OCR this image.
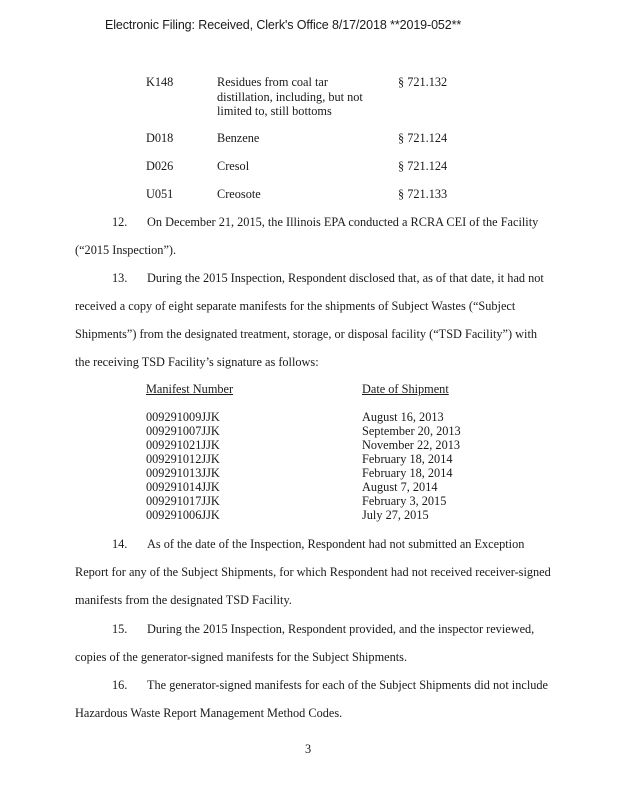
Electronic Filing: Received, Clerk's Office 8/17/2018 **2019-052**
K148	Residues from coal tar
distillation, including, but not
limited to, still bottoms
§ 721.132
D018	Benzene	§ 721.124
D026	Cresol	§ 721.124
U051	Creosote	§ 721.133
12. On December 21, 2015, the Illinois EPA conducted a RCRA CEI of the Facility
(“2015 Inspection”).
13. During the 2015 Inspection, Respondent disclosed that, as of that date, it had not
received a copy of eight separate manifests for the shipments of Subject Wastes (“Subject
Shipments”) from the designated treatment, storage, or disposal facility (“TSD Facility”) with
the receiving TSD Facility’s signature as follows:
Manifest Number	Date of Shipment
009291009JJK	August 16, 2013
009291007JJK	September 20, 2013
009291021JJK	November 22, 2013
009291012JJK	February 18, 2014
009291013JJK	February 18, 2014
009291014JJK	August 7, 2014
009291017JJK	February 3, 2015
009291006JJK	July 27, 2015
14. As of the date of the Inspection, Respondent had not submitted an Exception
Report for any of the Subject Shipments, for which Respondent had not received receiver-signed
manifests from the designated TSD Facility.
15. During the 2015 Inspection, Respondent provided, and the inspector reviewed,
copies of the generator-signed manifests for the Subject Shipments.
16. The generator-signed manifests for each of the Subject Shipments did not include
Hazardous Waste Report Management Method Codes.
3
